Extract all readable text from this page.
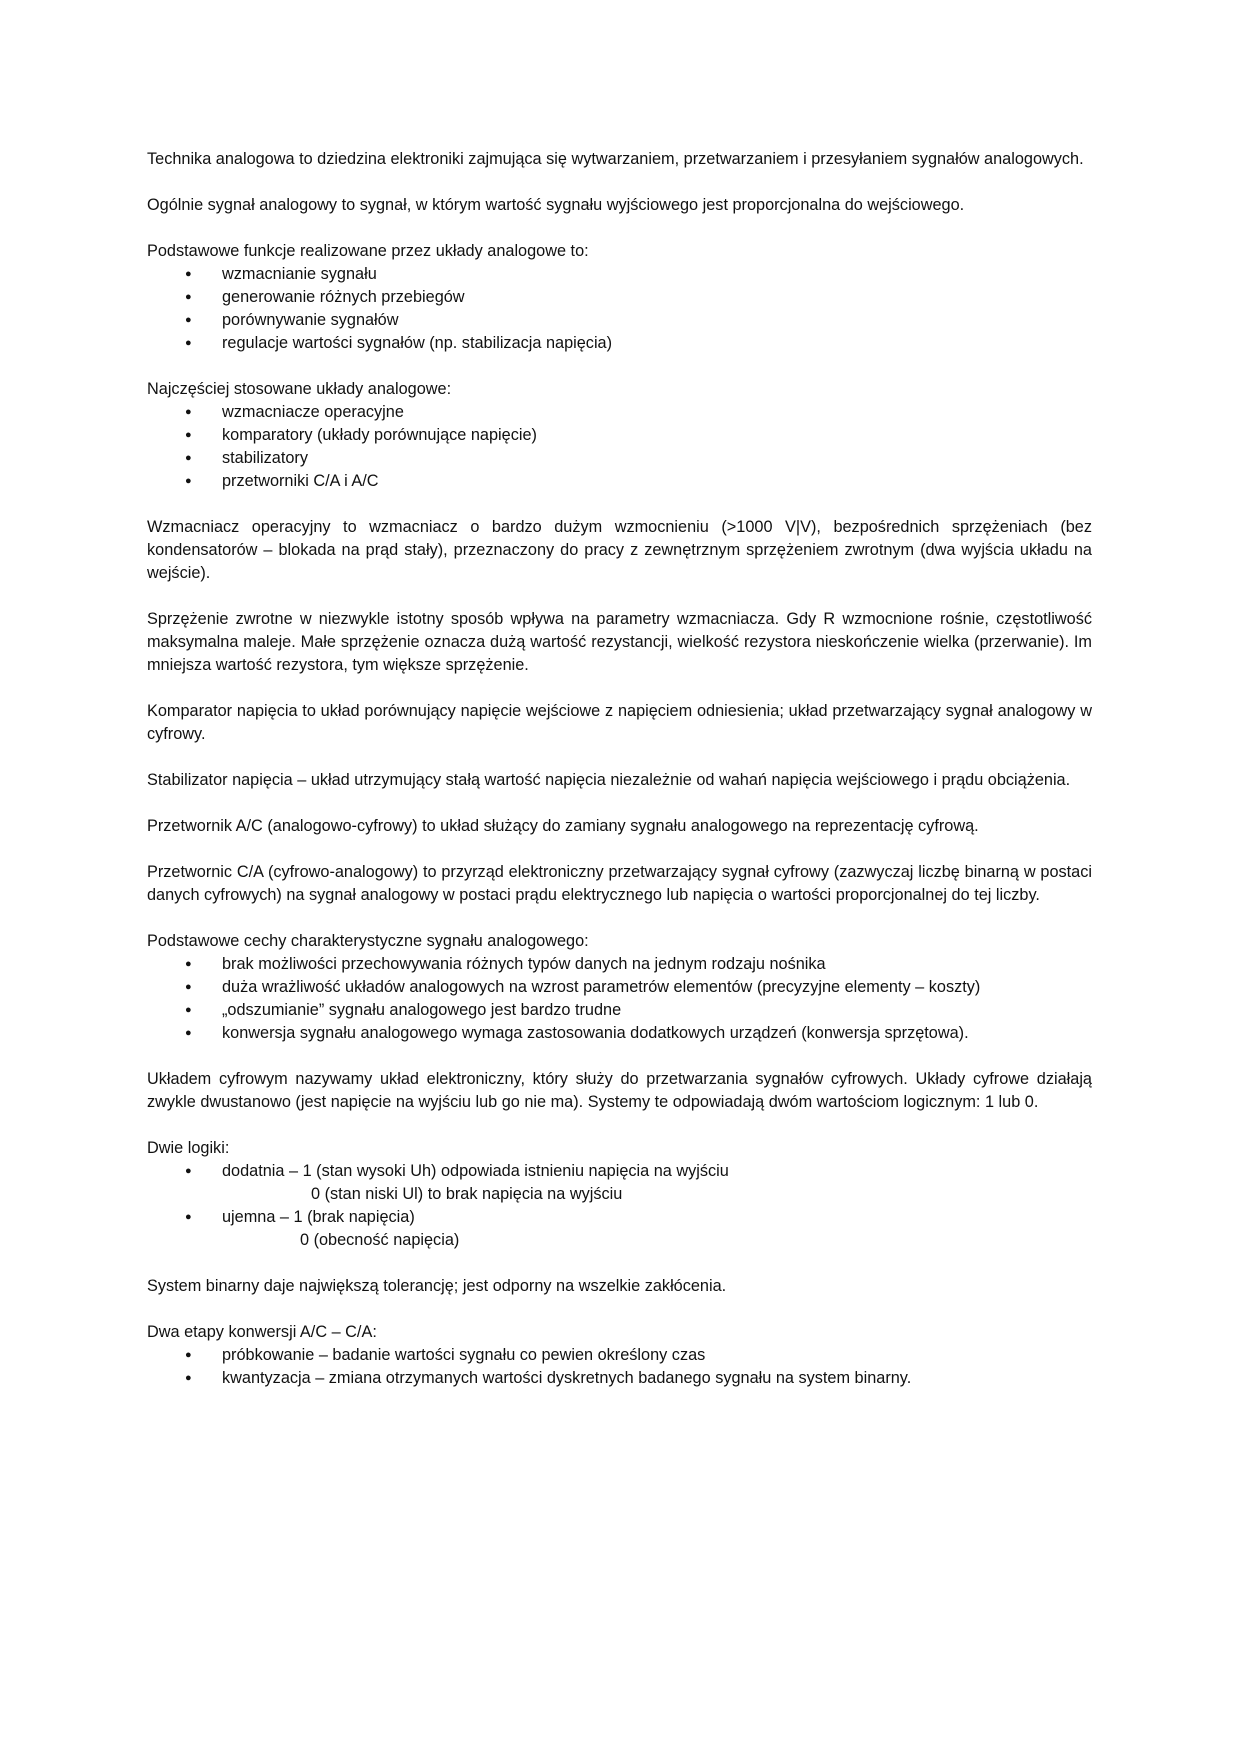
Technika analogowa to dziedzina elektroniki zajmująca się wytwarzaniem, przetwarzaniem i przesyłaniem sygnałów analogowych.

Ogólnie sygnał analogowy to sygnał, w którym wartość sygnału wyjściowego jest proporcjonalna do wejściowego.

Podstawowe funkcje realizowane przez układy analogowe to:

● wzmacnianie sygnału
● generowanie różnych przebiegów
● porównywanie sygnałów
● regulacje wartości sygnałów (np. stabilizacja napięcia)

Najczęściej stosowane układy analogowe:

● wzmacniacze operacyjne
● komparatory (układy porównujące napięcie)
● stabilizatory
● przetworniki C/A i A/C

Wzmacniacz operacyjny to wzmacniacz o bardzo dużym wzmocnieniu (>1000 V|V), bezpośrednich sprzężeniach (bez kondensatorów – blokada na prąd stały), przeznaczony do pracy z zewnętrznym sprzężeniem zwrotnym (dwa wyjścia układu na wejście).

Sprzężenie zwrotne w niezwykle istotny sposób wpływa na parametry wzmacniacza. Gdy R wzmocnione rośnie, częstotliwość maksymalna maleje. Małe sprzężenie oznacza dużą wartość rezystancji, wielkość rezystora nieskończenie wielka (przerwanie). Im mniejsza wartość rezystora, tym większe sprzężenie.

Komparator napięcia to układ porównujący napięcie wejściowe z napięciem odniesienia; układ przetwarzający sygnał analogowy w cyfrowy.

Stabilizator napięcia – układ utrzymujący stałą wartość napięcia niezależnie od wahań napięcia wejściowego i prądu obciążenia.

Przetwornik A/C (analogowo-cyfrowy) to układ służący do zamiany sygnału analogowego na reprezentację cyfrową.

Przetwornic C/A (cyfrowo-analogowy) to przyrząd elektroniczny przetwarzający sygnał cyfrowy (zazwyczaj liczbę binarną w postaci danych cyfrowych) na sygnał analogowy w postaci prądu elektrycznego lub napięcia o wartości proporcjonalnej do tej liczby.

Podstawowe cechy charakterystyczne sygnału analogowego:

● brak możliwości przechowywania różnych typów danych na jednym rodzaju nośnika
● duża wrażliwość układów analogowych na wzrost parametrów elementów (precyzyjne elementy – koszty)
● „odszumianie” sygnału analogowego jest bardzo trudne
● konwersja sygnału analogowego wymaga zastosowania dodatkowych urządzeń (konwersja sprzętowa).

Układem cyfrowym nazywamy układ elektroniczny, który służy do przetwarzania sygnałów cyfrowych. Układy cyfrowe działają zwykle dwustanowo (jest napięcie na wyjściu lub go nie ma). Systemy te odpowiadają dwóm wartościom logicznym: 1 lub 0.

Dwie logiki:

● dodatnia – 1 (stan wysoki Uh) odpowiada istnieniu napięcia na wyjściu
0 (stan niski Ul) to brak napięcia na wyjściu
● ujemna – 1 (brak napięcia)
0 (obecność napięcia)

System binarny daje największą tolerancję; jest odporny na wszelkie zakłócenia.

Dwa etapy konwersji A/C – C/A:

● próbkowanie – badanie wartości sygnału co pewien określony czas
● kwantyzacja – zmiana otrzymanych wartości dyskretnych badanego sygnału na system binarny.
